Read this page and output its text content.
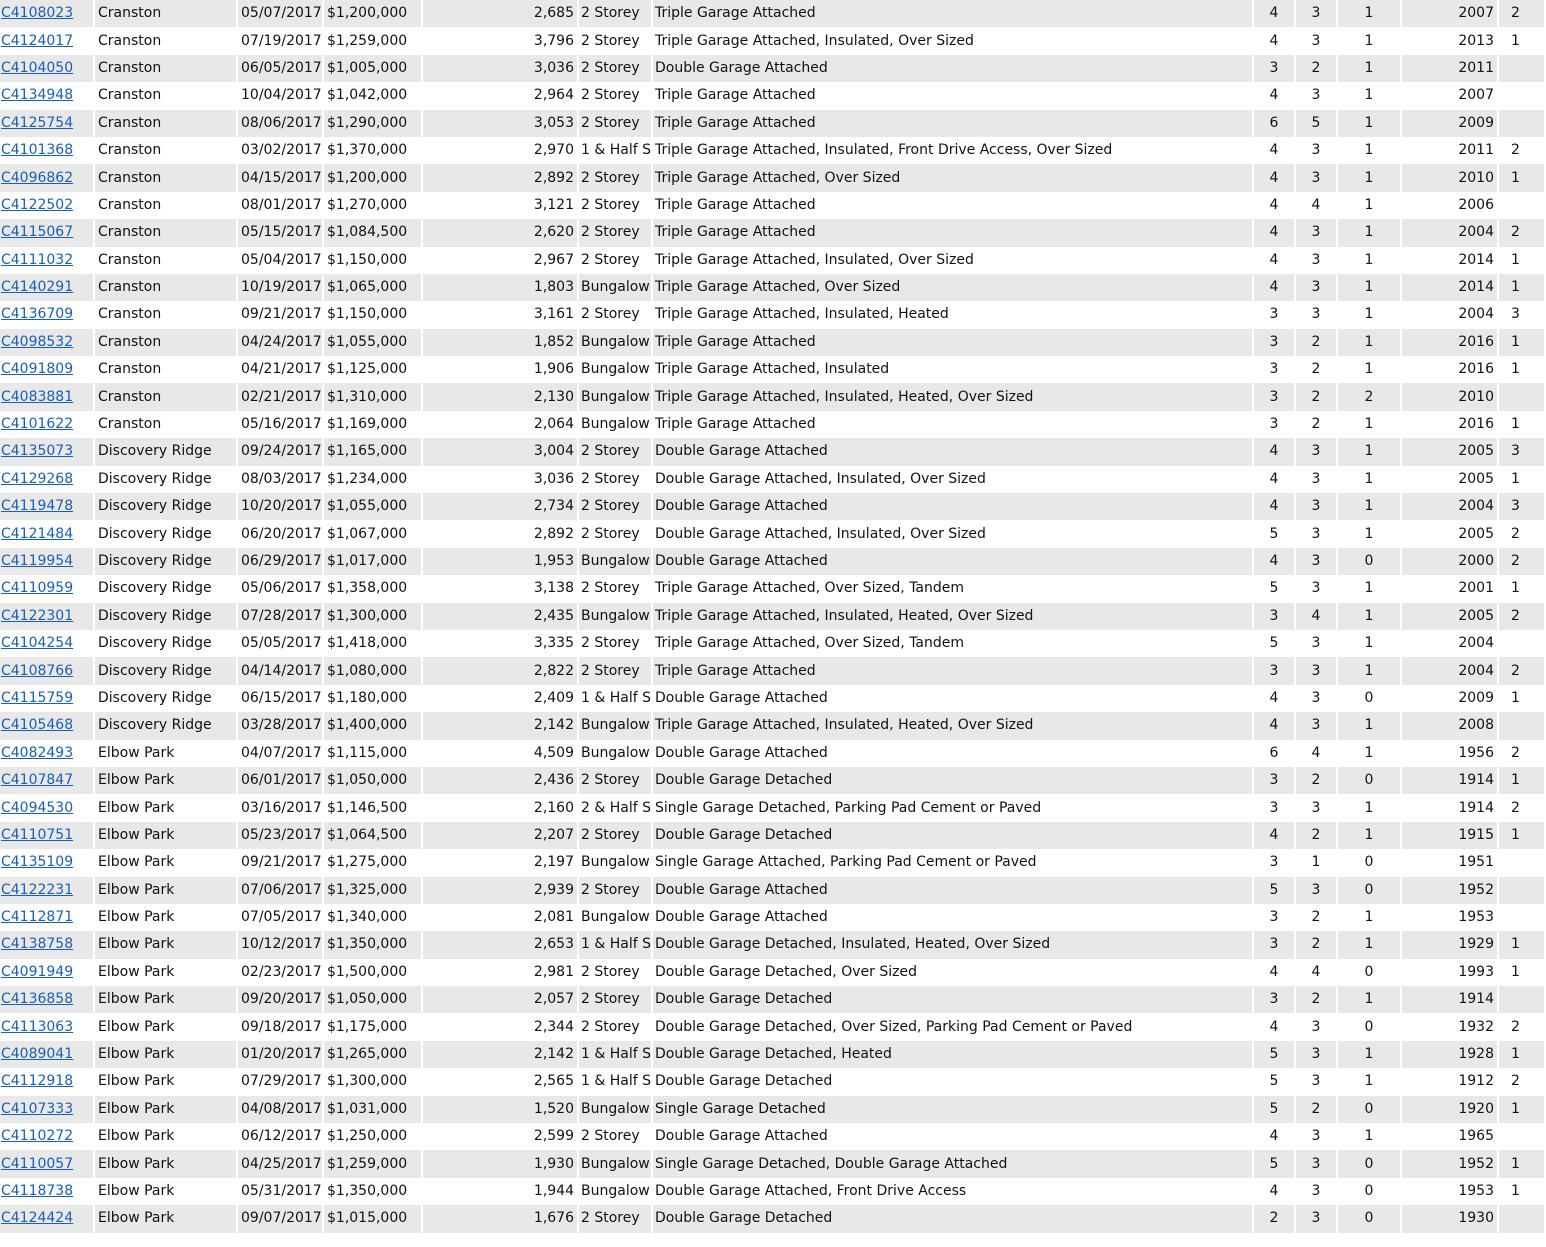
C4108023	Cranston	05/07/2017	$1,200,000	2,685	2 Storey	Triple Garage Attached	4	3	1	2007	2
C4124017	Cranston	07/19/2017	$1,259,000	3,796	2 Storey	Triple Garage Attached, Insulated, Over Sized	4	3	1	2013	1
C4104050	Cranston	06/05/2017	$1,005,000	3,036	2 Storey	Double Garage Attached	3	2	1	2011	
C4134948	Cranston	10/04/2017	$1,042,000	2,964	2 Storey	Triple Garage Attached	4	3	1	2007	
C4125754	Cranston	08/06/2017	$1,290,000	3,053	2 Storey	Triple Garage Attached	6	5	1	2009	
C4101368	Cranston	03/02/2017	$1,370,000	2,970	1 & Half S	Triple Garage Attached, Insulated, Front Drive Access, Over Sized	4	3	1	2011	2
C4096862	Cranston	04/15/2017	$1,200,000	2,892	2 Storey	Triple Garage Attached, Over Sized	4	3	1	2010	1
C4122502	Cranston	08/01/2017	$1,270,000	3,121	2 Storey	Triple Garage Attached	4	4	1	2006	
C4115067	Cranston	05/15/2017	$1,084,500	2,620	2 Storey	Triple Garage Attached	4	3	1	2004	2
C4111032	Cranston	05/04/2017	$1,150,000	2,967	2 Storey	Triple Garage Attached, Insulated, Over Sized	4	3	1	2014	1
C4140291	Cranston	10/19/2017	$1,065,000	1,803	Bungalow	Triple Garage Attached, Over Sized	4	3	1	2014	1
C4136709	Cranston	09/21/2017	$1,150,000	3,161	2 Storey	Triple Garage Attached, Insulated, Heated	3	3	1	2004	3
C4098532	Cranston	04/24/2017	$1,055,000	1,852	Bungalow	Triple Garage Attached	3	2	1	2016	1
C4091809	Cranston	04/21/2017	$1,125,000	1,906	Bungalow	Triple Garage Attached, Insulated	3	2	1	2016	1
C4083881	Cranston	02/21/2017	$1,310,000	2,130	Bungalow	Triple Garage Attached, Insulated, Heated, Over Sized	3	2	2	2010	
C4101622	Cranston	05/16/2017	$1,169,000	2,064	Bungalow	Triple Garage Attached	3	2	1	2016	1
C4135073	Discovery Ridge	09/24/2017	$1,165,000	3,004	2 Storey	Double Garage Attached	4	3	1	2005	3
C4129268	Discovery Ridge	08/03/2017	$1,234,000	3,036	2 Storey	Double Garage Attached, Insulated, Over Sized	4	3	1	2005	1
C4119478	Discovery Ridge	10/20/2017	$1,055,000	2,734	2 Storey	Double Garage Attached	4	3	1	2004	3
C4121484	Discovery Ridge	06/20/2017	$1,067,000	2,892	2 Storey	Double Garage Attached, Insulated, Over Sized	5	3	1	2005	2
C4119954	Discovery Ridge	06/29/2017	$1,017,000	1,953	Bungalow	Double Garage Attached	4	3	0	2000	2
C4110959	Discovery Ridge	05/06/2017	$1,358,000	3,138	2 Storey	Triple Garage Attached, Over Sized, Tandem	5	3	1	2001	1
C4122301	Discovery Ridge	07/28/2017	$1,300,000	2,435	Bungalow	Triple Garage Attached, Insulated, Heated, Over Sized	3	4	1	2005	2
C4104254	Discovery Ridge	05/05/2017	$1,418,000	3,335	2 Storey	Triple Garage Attached, Over Sized, Tandem	5	3	1	2004	
C4108766	Discovery Ridge	04/14/2017	$1,080,000	2,822	2 Storey	Triple Garage Attached	3	3	1	2004	2
C4115759	Discovery Ridge	06/15/2017	$1,180,000	2,409	1 & Half S	Double Garage Attached	4	3	0	2009	1
C4105468	Discovery Ridge	03/28/2017	$1,400,000	2,142	Bungalow	Triple Garage Attached, Insulated, Heated, Over Sized	4	3	1	2008	
C4082493	Elbow Park	04/07/2017	$1,115,000	4,509	Bungalow	Double Garage Attached	6	4	1	1956	2
C4107847	Elbow Park	06/01/2017	$1,050,000	2,436	2 Storey	Double Garage Detached	3	2	0	1914	1
C4094530	Elbow Park	03/16/2017	$1,146,500	2,160	2 & Half S	Single Garage Detached, Parking Pad Cement or Paved	3	3	1	1914	2
C4110751	Elbow Park	05/23/2017	$1,064,500	2,207	2 Storey	Double Garage Detached	4	2	1	1915	1
C4135109	Elbow Park	09/21/2017	$1,275,000	2,197	Bungalow	Single Garage Attached, Parking Pad Cement or Paved	3	1	0	1951	
C4122231	Elbow Park	07/06/2017	$1,325,000	2,939	2 Storey	Double Garage Attached	5	3	0	1952	
C4112871	Elbow Park	07/05/2017	$1,340,000	2,081	Bungalow	Double Garage Attached	3	2	1	1953	
C4138758	Elbow Park	10/12/2017	$1,350,000	2,653	1 & Half S	Double Garage Detached, Insulated, Heated, Over Sized	3	2	1	1929	1
C4091949	Elbow Park	02/23/2017	$1,500,000	2,981	2 Storey	Double Garage Detached, Over Sized	4	4	0	1993	1
C4136858	Elbow Park	09/20/2017	$1,050,000	2,057	2 Storey	Double Garage Detached	3	2	1	1914	
C4113063	Elbow Park	09/18/2017	$1,175,000	2,344	2 Storey	Double Garage Detached, Over Sized, Parking Pad Cement or Paved	4	3	0	1932	2
C4089041	Elbow Park	01/20/2017	$1,265,000	2,142	1 & Half S	Double Garage Detached, Heated	5	3	1	1928	1
C4112918	Elbow Park	07/29/2017	$1,300,000	2,565	1 & Half S	Double Garage Detached	5	3	1	1912	2
C4107333	Elbow Park	04/08/2017	$1,031,000	1,520	Bungalow	Single Garage Detached	5	2	0	1920	1
C4110272	Elbow Park	06/12/2017	$1,250,000	2,599	2 Storey	Double Garage Attached	4	3	1	1965	
C4110057	Elbow Park	04/25/2017	$1,259,000	1,930	Bungalow	Single Garage Detached, Double Garage Attached	5	3	0	1952	1
C4118738	Elbow Park	05/31/2017	$1,350,000	1,944	Bungalow	Double Garage Attached, Front Drive Access	4	3	0	1953	1
C4124424	Elbow Park	09/07/2017	$1,015,000	1,676	2 Storey	Double Garage Detached	2	3	0	1930	
